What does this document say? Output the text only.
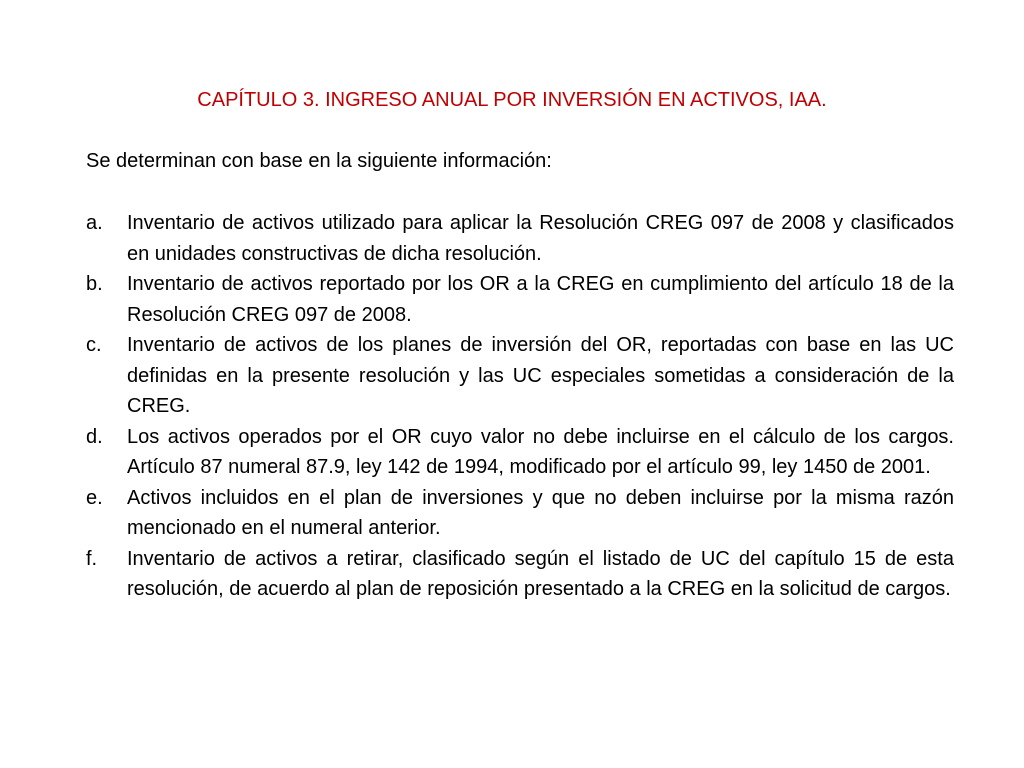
CAPÍTULO 3. INGRESO ANUAL POR INVERSIÓN EN ACTIVOS, IAA.
Se determinan con base en la siguiente información:
a.	Inventario de activos utilizado para aplicar la Resolución CREG 097 de 2008 y clasificados en unidades constructivas de dicha resolución.
b.	Inventario de activos reportado por los OR a la CREG en cumplimiento del artículo 18 de la Resolución CREG 097 de 2008.
c.	Inventario de activos de los planes de inversión del OR, reportadas con base en las UC definidas en la presente resolución y las UC especiales sometidas a consideración de la CREG.
d.	Los activos operados por el OR cuyo valor no debe incluirse en el cálculo de los cargos. Artículo 87 numeral 87.9, ley 142 de 1994, modificado por el artículo 99, ley 1450 de 2001.
e.	Activos incluidos en el plan de inversiones y que no deben incluirse por la misma razón mencionado en el numeral anterior.
f.	Inventario de activos a retirar, clasificado según el listado de UC del capítulo 15 de esta resolución, de acuerdo al plan de reposición presentado a la CREG en la solicitud de cargos.
